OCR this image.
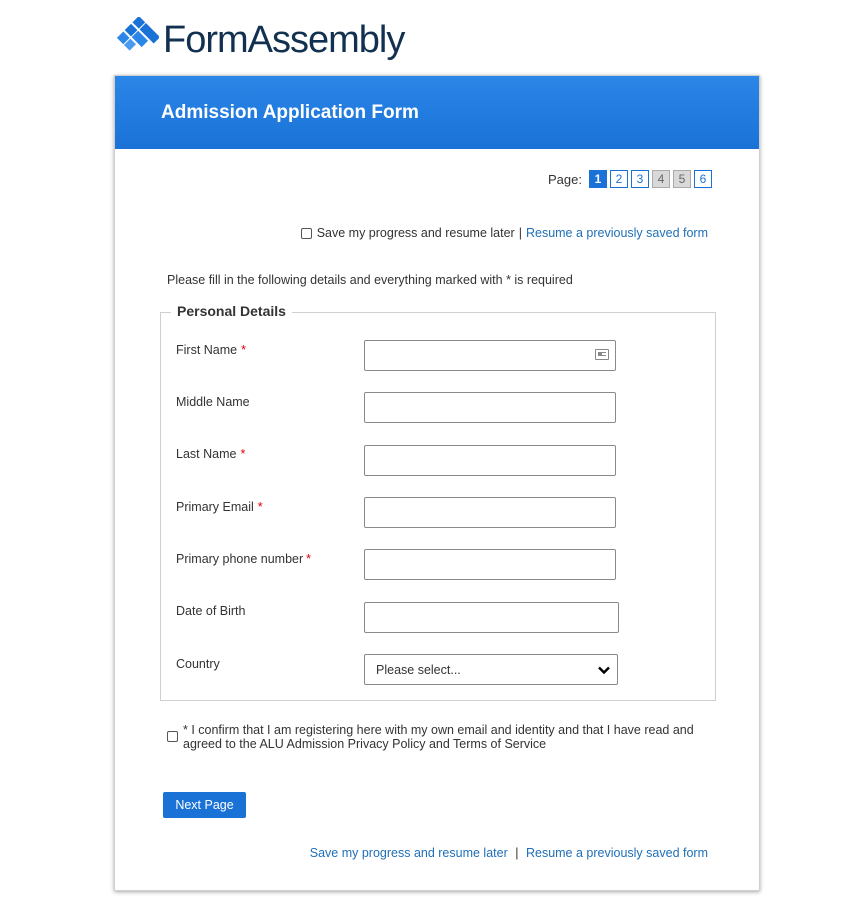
FormAssembly
Admission Application Form
Page:	1	2	3	4	5	6
Save my progress and resume later | Resume a previously saved form
Please fill in the following details and everything marked with * is required
Personal Details
First Name *
Middle Name
Last Name *
Primary Email *
Primary phone number *
Date of Birth
Country	Please select...
* I confirm that I am registering here with my own email and identity and that I have read and agreed to the ALU Admission Privacy Policy and Terms of Service
Next Page
Save my progress and resume later | Resume a previously saved form
